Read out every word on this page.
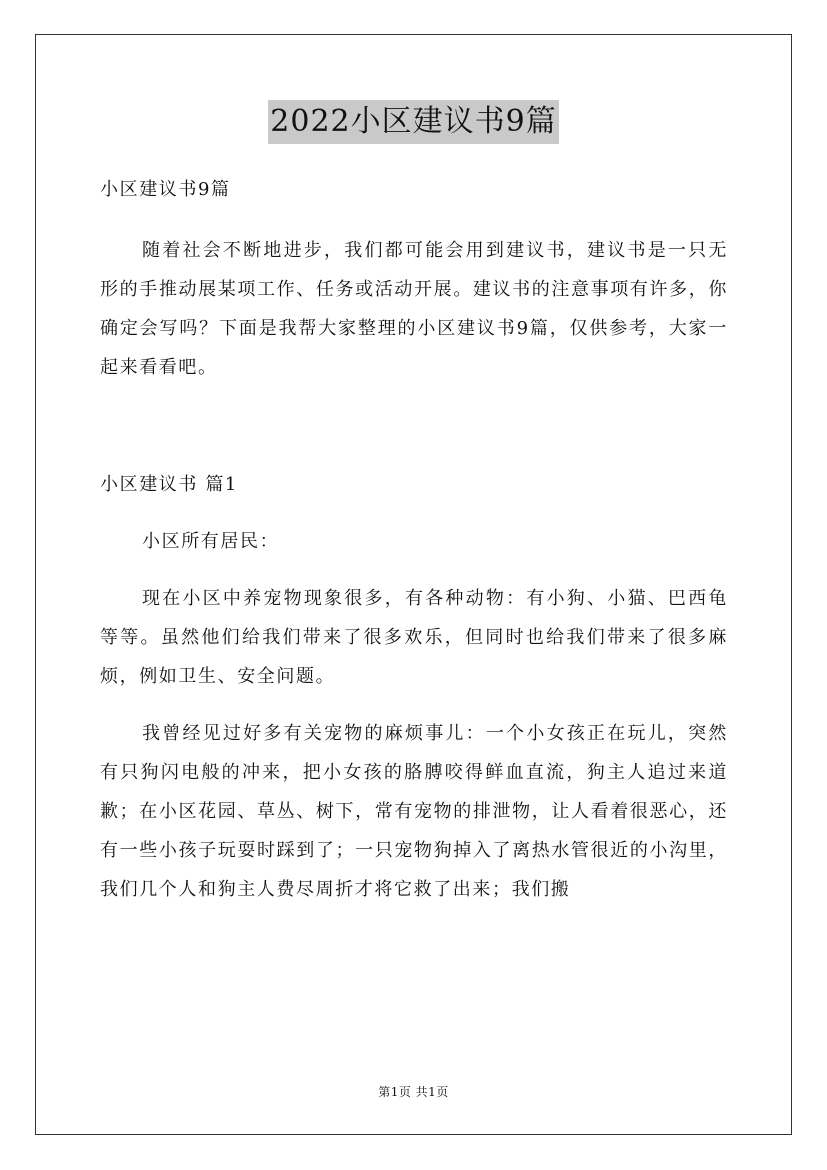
2022小区建议书9篇

小区建议书9篇

随着社会不断地进步，我们都可能会用到建议书，建议书是一只无形的手推动展某项工作、任务或活动开展。建议书的注意事项有许多，你确定会写吗？下面是我帮大家整理的小区建议书9篇，仅供参考，大家一起来看看吧。

小区建议书 篇1

小区所有居民：

现在小区中养宠物现象很多，有各种动物：有小狗、小猫、巴西龟等等。虽然他们给我们带来了很多欢乐，但同时也给我们带来了很多麻烦，例如卫生、安全问题。

我曾经见过好多有关宠物的麻烦事儿：一个小女孩正在玩儿，突然有只狗闪电般的冲来，把小女孩的胳膊咬得鲜血直流，狗主人追过来道歉；在小区花园、草丛、树下，常有宠物的排泄物，让人看着很恶心，还有一些小孩子玩耍时踩到了；一只宠物狗掉入了离热水管很近的小沟里，我们几个人和狗主人费尽周折才将它救了出来；我们搬

第1页 共1页
